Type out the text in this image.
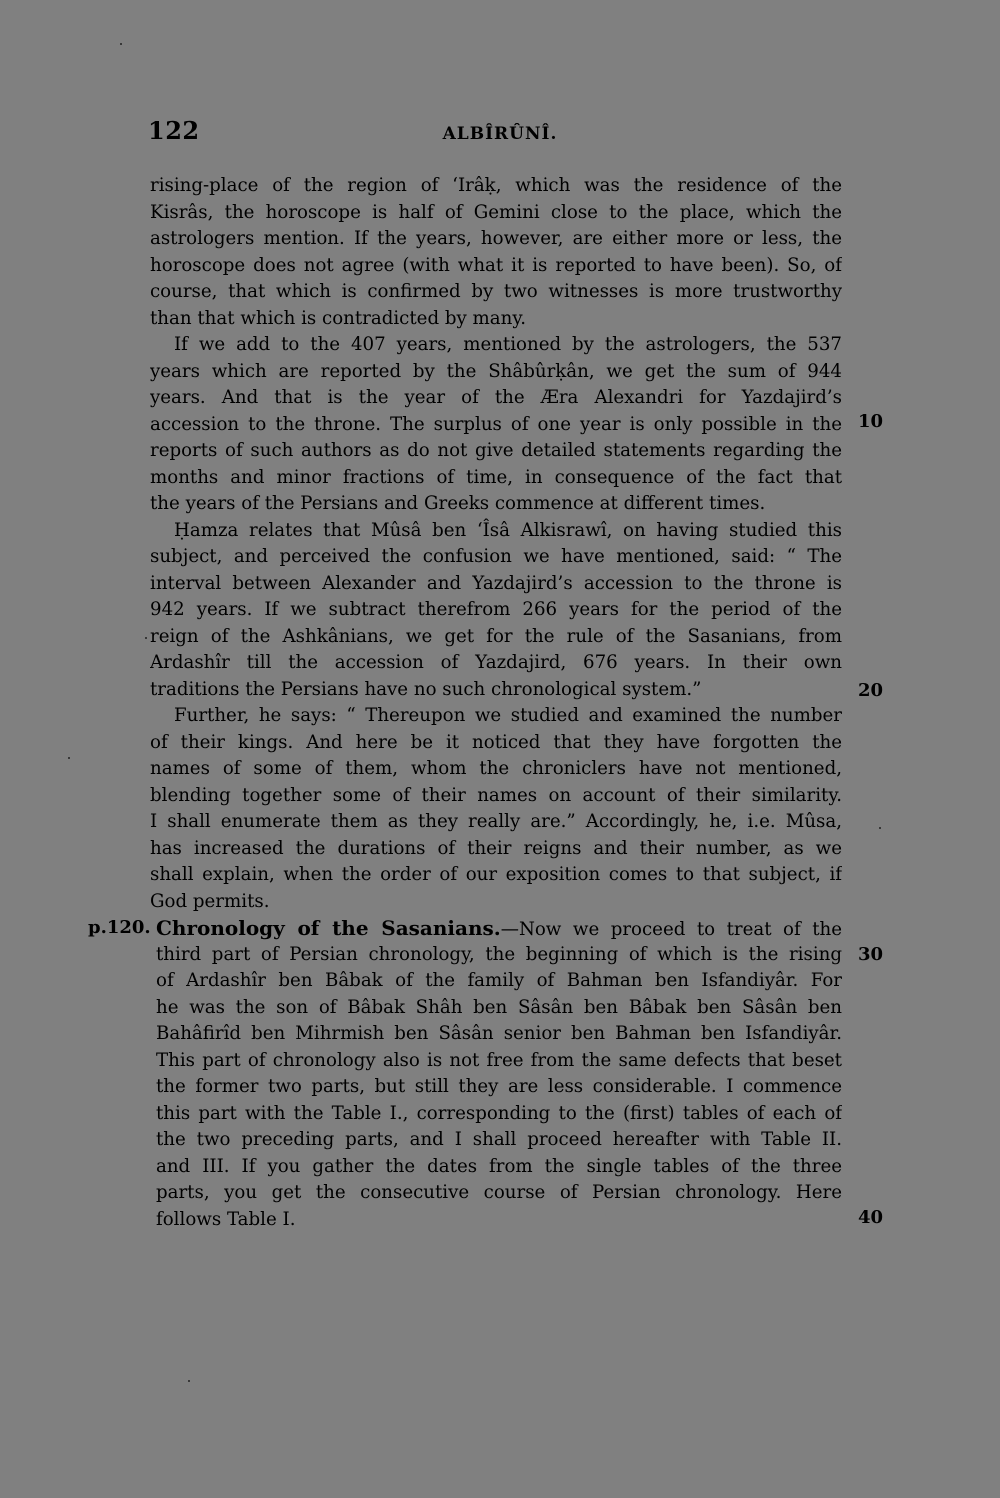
122	ALBÎRÛNÎ.
p.120.
10
20
30
40
rising-place of the region of ‘Irâḳ, which was the residence of the
Kisrâs, the horoscope is half of Gemini close to the place, which the
astrologers mention. If the years, however, are either more or less, the
horoscope does not agree (with what it is reported to have been). So, of
course, that which is confirmed by two witnesses is more trustworthy
than that which is contradicted by many.
If we add to the 407 years, mentioned by the astrologers, the 537
years which are reported by the Shâbûrḳân, we get the sum of 944
years. And that is the year of the Æra Alexandri for Yazdajird’s
accession to the throne. The surplus of one year is only possible in the
reports of such authors as do not give detailed statements regarding the
months and minor fractions of time, in consequence of the fact that
the years of the Persians and Greeks commence at different times.
Ḥamza relates that Mûsâ ben ‘Îsâ Alkisrawî, on having studied this
subject, and perceived the confusion we have mentioned, said: “ The
interval between Alexander and Yazdajird’s accession to the throne is
942 years. If we subtract therefrom 266 years for the period of the
reign of the Ashkânians, we get for the rule of the Sasanians, from
Ardashîr till the accession of Yazdajird, 676 years. In their own
traditions the Persians have no such chronological system.”
Further, he says: “ Thereupon we studied and examined the number
of their kings. And here be it noticed that they have forgotten the
names of some of them, whom the chroniclers have not mentioned,
blending together some of their names on account of their similarity.
I shall enumerate them as they really are.” Accordingly, he, i.e. Mûsa,
has increased the durations of their reigns and their number, as we
shall explain, when the order of our exposition comes to that subject, if
God permits.
Chronology of the Sasanians.—Now we proceed to treat of the
third part of Persian chronology, the beginning of which is the rising
of Ardashîr ben Bâbak of the family of Bahman ben Isfandiyâr. For
he was the son of Bâbak Shâh ben Sâsân ben Bâbak ben Sâsân ben
Bahâfirîd ben Mihrmish ben Sâsân senior ben Bahman ben Isfandiyâr.
This part of chronology also is not free from the same defects that beset
the former two parts, but still they are less considerable. I commence
this part with the Table I., corresponding to the (first) tables of each of
the two preceding parts, and I shall proceed hereafter with Table II.
and III. If you gather the dates from the single tables of the three
parts, you get the consecutive course of Persian chronology. Here
follows Table I.
